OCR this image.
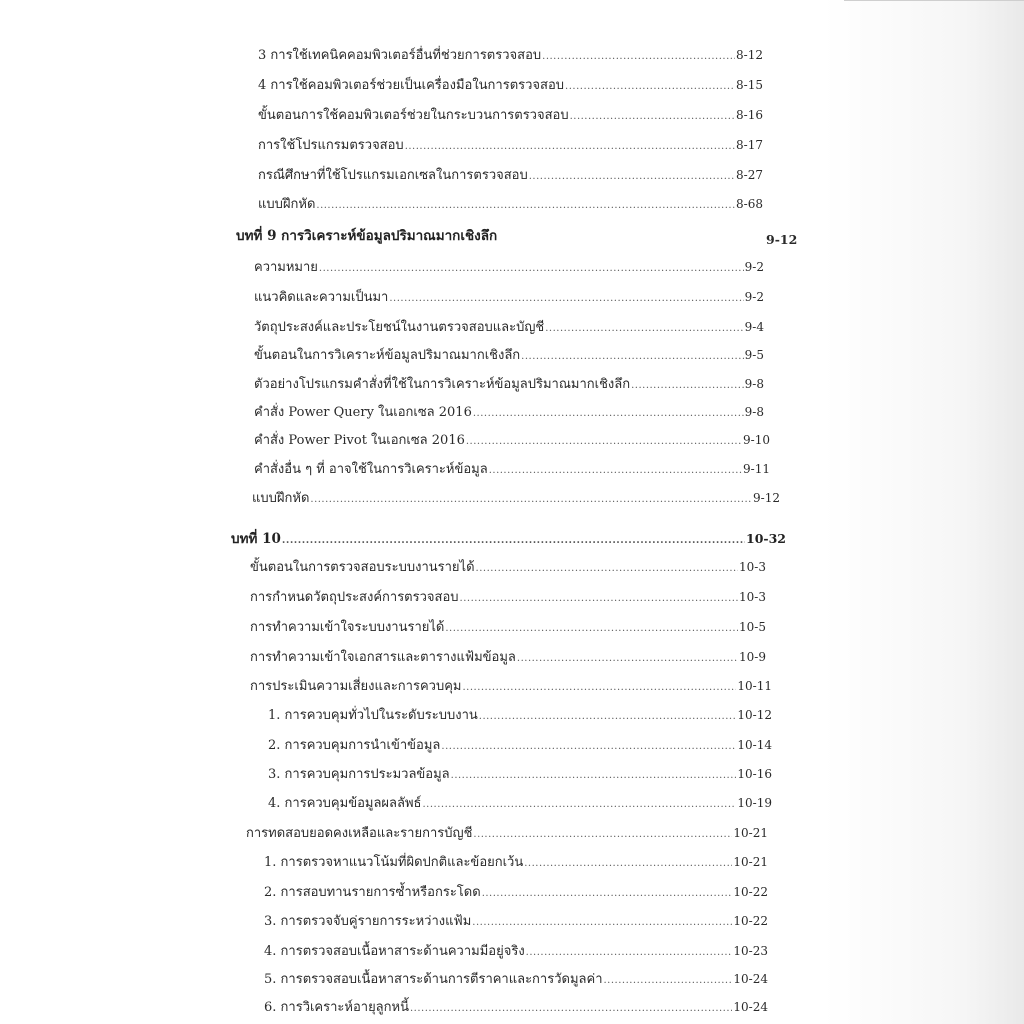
3 การใช้เทคนิคคอมพิวเตอร์อื่นที่ช่วยการตรวจสอบ .....	8-12
4 การใช้คอมพิวเตอร์ช่วยเป็นเครื่องมือในการตรวจสอบ .....	8-15
ขั้นตอนการใช้คอมพิวเตอร์ช่วยในกระบวนการตรวจสอบ .....	8-16
การใช้โปรแกรมตรวจสอบ .....	8-17
กรณีศึกษาที่ใช้โปรแกรมเอกเซลในการตรวจสอบ .....	8-27
แบบฝึกหัด .....	8-68
บทที่ 9 การวิเคราะห์ข้อมูลปริมาณมากเชิงลึก	9-12
ความหมาย .....	9-2
แนวคิดและความเป็นมา .....	9-2
วัตถุประสงค์และประโยชน์ในงานตรวจสอบและบัญชี .....	9-4
ขั้นตอนในการวิเคราะห์ข้อมูลปริมาณมากเชิงลึก .....	9-5
ตัวอย่างโปรแกรมคำสั่งที่ใช้ในการวิเคราะห์ข้อมูลปริมาณมากเชิงลึก .....	9-8
คำสั่ง Power Query ในเอกเซล 2016 .....	9-8
คำสั่ง Power Pivot ในเอกเซล 2016 .....	9-10
คำสั่งอื่น ๆ ที่ อาจใช้ในการวิเคราะห์ข้อมูล .....	9-11
แบบฝึกหัด .....	9-12
บทที่ 10 .....	10-32
ขั้นตอนในการตรวจสอบระบบงานรายได้ .....	10-3
การกำหนดวัตถุประสงค์การตรวจสอบ .....	10-3
การทำความเข้าใจระบบงานรายได้ .....	10-5
การทำความเข้าใจเอกสารและตารางแฟ้มข้อมูล .....	10-9
การประเมินความเสี่ยงและการควบคุม .....	10-11
1. การควบคุมทั่วไปในระดับระบบงาน .....	10-12
2. การควบคุมการนำเข้าข้อมูล .....	10-14
3. การควบคุมการประมวลข้อมูล .....	10-16
4. การควบคุมข้อมูลผลลัพธ์ .....	10-19
การทดสอบยอดคงเหลือและรายการบัญชี .....	10-21
1. การตรวจหาแนวโน้มที่ผิดปกติและข้อยกเว้น .....	10-21
2. การสอบทานรายการซ้ำหรือกระโดด .....	10-22
3. การตรวจจับคู่รายการระหว่างแฟ้ม .....	10-22
4. การตรวจสอบเนื้อหาสาระด้านความมีอยู่จริง .....	10-23
5. การตรวจสอบเนื้อหาสาระด้านการตีราคาและการวัดมูลค่า .....	10-24
6. การวิเคราะห์อายุลูกหนี้ .....	10-24
